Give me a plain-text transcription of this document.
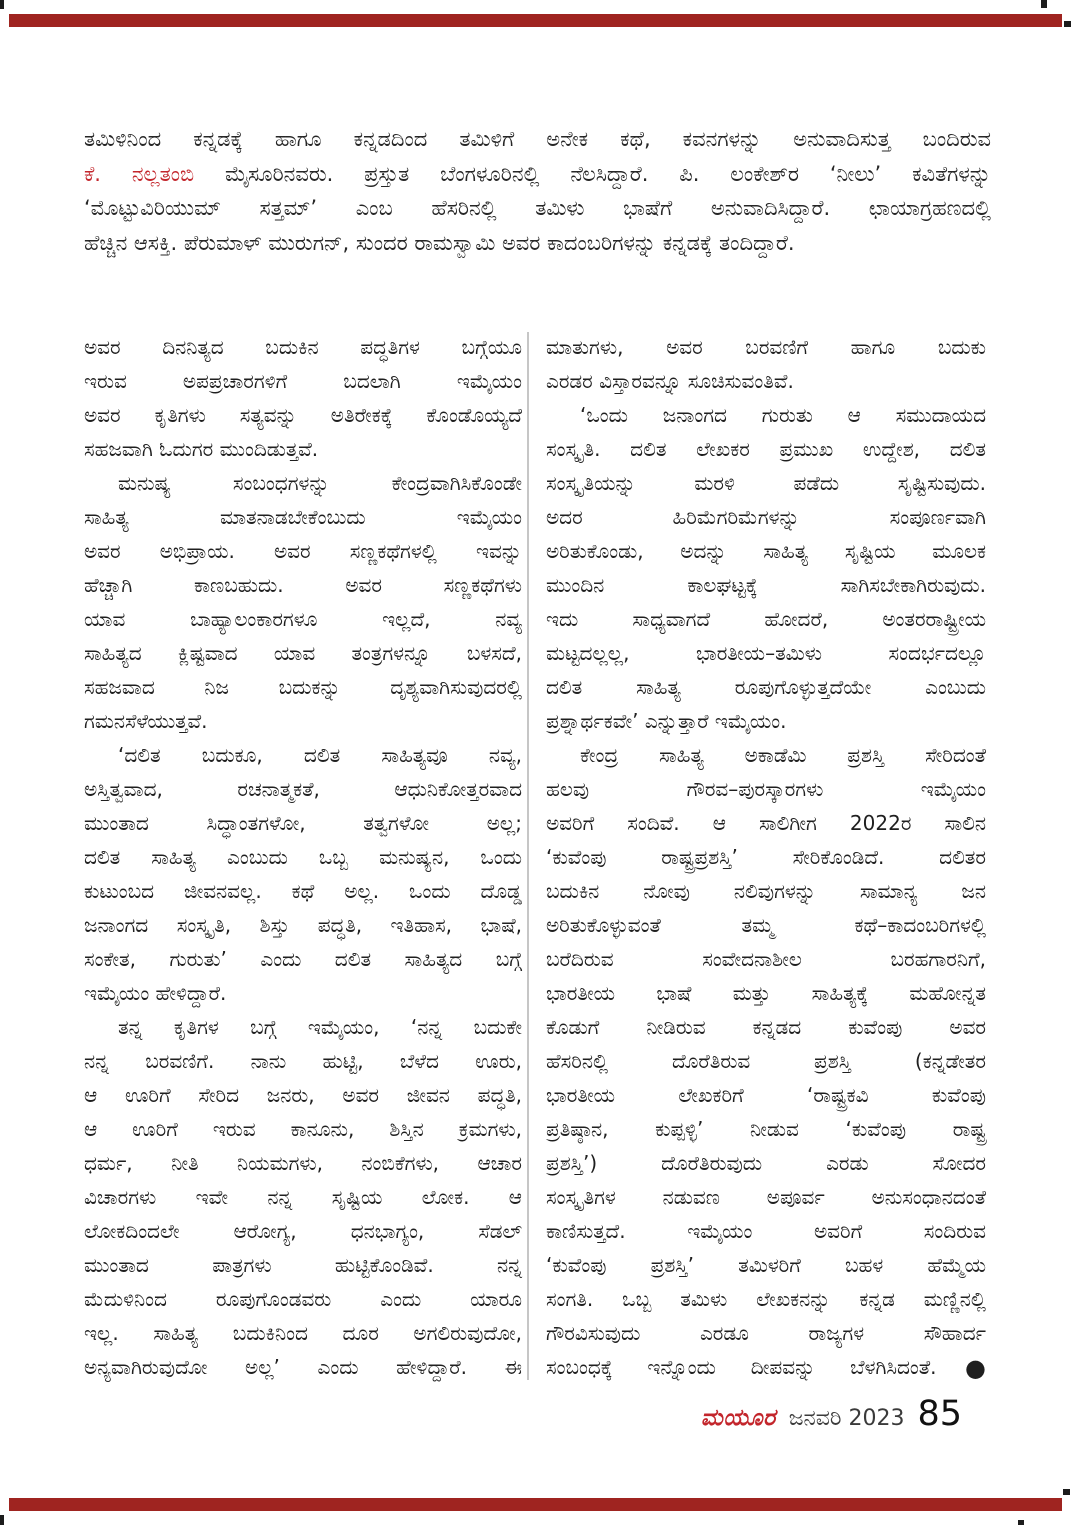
ತಮಿಳಿನಿಂದ ಕನ್ನಡಕ್ಕೆ ಹಾಗೂ ಕನ್ನಡದಿಂದ ತಮಿಳಿಗೆ ಅನೇಕ ಕಥೆ, ಕವನಗಳನ್ನು ಅನುವಾದಿಸುತ್ತ ಬಂದಿರುವ
ಕೆ. ನಲ್ಲತಂಬಿ ಮೈಸೂರಿನವರು. ಪ್ರಸ್ತುತ ಬೆಂಗಳೂರಿನಲ್ಲಿ ನೆಲಸಿದ್ದಾರೆ. ಪಿ. ಲಂಕೇಶ್‌ರ ‘ನೀಲು’ ಕವಿತೆಗಳನ್ನು
‘ಮೊಟ್ಟುವಿರಿಯುಮ್ ಸತ್ತಮ್’ ಎಂಬ ಹೆಸರಿನಲ್ಲಿ ತಮಿಳು ಭಾಷೆಗೆ ಅನುವಾದಿಸಿದ್ದಾರೆ. ಛಾಯಾಗ್ರಹಣದಲ್ಲಿ
ಹೆಚ್ಚಿನ ಆಸಕ್ತಿ. ಪೆರುಮಾಳ್ ಮುರುಗನ್, ಸುಂದರ ರಾಮಸ್ವಾಮಿ ಅವರ ಕಾದಂಬರಿಗಳನ್ನು ಕನ್ನಡಕ್ಕೆ ತಂದಿದ್ದಾರೆ.
ಅವರ ದಿನನಿತ್ಯದ ಬದುಕಿನ ಪದ್ಧತಿಗಳ ಬಗ್ಗೆಯೂ
ಇರುವ ಅಪಪ್ರಚಾರಗಳಿಗೆ ಬದಲಾಗಿ ಇಮೈಯಂ
ಅವರ ಕೃತಿಗಳು ಸತ್ಯವನ್ನು ಅತಿರೇಕಕ್ಕೆ ಕೊಂಡೊಯ್ಯದೆ
ಸಹಜವಾಗಿ ಓದುಗರ ಮುಂದಿಡುತ್ತವೆ.
ಮನುಷ್ಯ ಸಂಬಂಧಗಳನ್ನು ಕೇಂದ್ರವಾಗಿಸಿಕೊಂಡೇ
ಸಾಹಿತ್ಯ ಮಾತನಾಡಬೇಕೆಂಬುದು ಇಮೈಯಂ
ಅವರ ಅಭಿಪ್ರಾಯ. ಅವರ ಸಣ್ಣಕಥೆಗಳಲ್ಲಿ ಇವನ್ನು
ಹೆಚ್ಚಾಗಿ ಕಾಣಬಹುದು. ಅವರ ಸಣ್ಣಕಥೆಗಳು
ಯಾವ ಬಾಹ್ಯಾಲಂಕಾರಗಳೂ ಇಲ್ಲದೆ, ನವ್ಯ
ಸಾಹಿತ್ಯದ ಕ್ಲಿಷ್ಟವಾದ ಯಾವ ತಂತ್ರಗಳನ್ನೂ ಬಳಸದೆ,
ಸಹಜವಾದ ನಿಜ ಬದುಕನ್ನು ದೃಶ್ಯವಾಗಿಸುವುದರಲ್ಲಿ
ಗಮನಸೆಳೆಯುತ್ತವೆ.
‘ದಲಿತ ಬದುಕೂ, ದಲಿತ ಸಾಹಿತ್ಯವೂ ನವ್ಯ,
ಅಸ್ತಿತ್ವವಾದ, ರಚನಾತ್ಮಕತೆ, ಆಧುನಿಕೋತ್ತರವಾದ
ಮುಂತಾದ ಸಿದ್ಧಾಂತಗಳೋ, ತತ್ವಗಳೋ ಅಲ್ಲ;
ದಲಿತ ಸಾಹಿತ್ಯ ಎಂಬುದು ಒಬ್ಬ ಮನುಷ್ಯನ, ಒಂದು
ಕುಟುಂಬದ ಜೀವನವಲ್ಲ. ಕಥೆ ಅಲ್ಲ. ಒಂದು ದೊಡ್ಡ
ಜನಾಂಗದ ಸಂಸ್ಕೃತಿ, ಶಿಸ್ತು ಪದ್ಧತಿ, ಇತಿಹಾಸ, ಭಾಷೆ,
ಸಂಕೇತ, ಗುರುತು’ ಎಂದು ದಲಿತ ಸಾಹಿತ್ಯದ ಬಗ್ಗೆ
ಇಮೈಯಂ ಹೇಳಿದ್ದಾರೆ.
ತನ್ನ ಕೃತಿಗಳ ಬಗ್ಗೆ ಇಮೈಯಂ, ‘ನನ್ನ ಬದುಕೇ
ನನ್ನ ಬರವಣಿಗೆ. ನಾನು ಹುಟ್ಟಿ, ಬೆಳೆದ ಊರು,
ಆ ಊರಿಗೆ ಸೇರಿದ ಜನರು, ಅವರ ಜೀವನ ಪದ್ಧತಿ,
ಆ ಊರಿಗೆ ಇರುವ ಕಾನೂನು, ಶಿಸ್ತಿನ ಕ್ರಮಗಳು,
ಧರ್ಮ, ನೀತಿ ನಿಯಮಗಳು, ನಂಬಿಕೆಗಳು, ಆಚಾರ
ವಿಚಾರಗಳು ಇವೇ ನನ್ನ ಸೃಷ್ಟಿಯ ಲೋಕ. ಆ
ಲೋಕದಿಂದಲೇ ಆರೋಗ್ಯ, ಧನಭಾಗ್ಯಂ, ಸೆಡಲ್
ಮುಂತಾದ ಪಾತ್ರಗಳು ಹುಟ್ಟಿಕೊಂಡಿವೆ. ನನ್ನ
ಮೆದುಳಿನಿಂದ ರೂಪುಗೊಂಡವರು ಎಂದು ಯಾರೂ
ಇಲ್ಲ. ಸಾಹಿತ್ಯ ಬದುಕಿನಿಂದ ದೂರ ಅಗಲಿರುವುದೋ,
ಅನ್ಯವಾಗಿರುವುದೋ ಅಲ್ಲ’ ಎಂದು ಹೇಳಿದ್ದಾರೆ. ಈ
ಮಾತುಗಳು, ಅವರ ಬರವಣಿಗೆ ಹಾಗೂ ಬದುಕು
ಎರಡರ ವಿಸ್ತಾರವನ್ನೂ ಸೂಚಿಸುವಂತಿವೆ.
‘ಒಂದು ಜನಾಂಗದ ಗುರುತು ಆ ಸಮುದಾಯದ
ಸಂಸ್ಕೃತಿ. ದಲಿತ ಲೇಖಕರ ಪ್ರಮುಖ ಉದ್ದೇಶ, ದಲಿತ
ಸಂಸ್ಕೃತಿಯನ್ನು ಮರಳಿ ಪಡೆದು ಸೃಷ್ಟಿಸುವುದು.
ಅದರ ಹಿರಿಮೆಗರಿಮೆಗಳನ್ನು ಸಂಪೂರ್ಣವಾಗಿ
ಅರಿತುಕೊಂಡು, ಅದನ್ನು ಸಾಹಿತ್ಯ ಸೃಷ್ಟಿಯ ಮೂಲಕ
ಮುಂದಿನ ಕಾಲಘಟ್ಟಕ್ಕೆ ಸಾಗಿಸಬೇಕಾಗಿರುವುದು.
ಇದು ಸಾಧ್ಯವಾಗದೆ ಹೋದರೆ, ಅಂತರರಾಷ್ಟ್ರೀಯ
ಮಟ್ಟದಲ್ಲಲ್ಲ, ಭಾರತೀಯ–ತಮಿಳು ಸಂದರ್ಭದಲ್ಲೂ
ದಲಿತ ಸಾಹಿತ್ಯ ರೂಪುಗೊಳ್ಳುತ್ತದೆಯೇ ಎಂಬುದು
ಪ್ರಶ್ನಾರ್ಥಕವೇ’ ಎನ್ನುತ್ತಾರೆ ಇಮೈಯಂ.
ಕೇಂದ್ರ ಸಾಹಿತ್ಯ ಅಕಾಡೆಮಿ ಪ್ರಶಸ್ತಿ ಸೇರಿದಂತೆ
ಹಲವು ಗೌರವ–ಪುರಸ್ಕಾರಗಳು ಇಮೈಯಂ
ಅವರಿಗೆ ಸಂದಿವೆ. ಆ ಸಾಲಿಗೀಗ 2022ರ ಸಾಲಿನ
‘ಕುವೆಂಪು ರಾಷ್ಟ್ರಪ್ರಶಸ್ತಿ’ ಸೇರಿಕೊಂಡಿದೆ. ದಲಿತರ
ಬದುಕಿನ ನೋವು ನಲಿವುಗಳನ್ನು ಸಾಮಾನ್ಯ ಜನ
ಅರಿತುಕೊಳ್ಳುವಂತೆ ತಮ್ಮ ಕಥೆ–ಕಾದಂಬರಿಗಳಲ್ಲಿ
ಬರೆದಿರುವ ಸಂವೇದನಾಶೀಲ ಬರಹಗಾರನಿಗೆ,
ಭಾರತೀಯ ಭಾಷೆ ಮತ್ತು ಸಾಹಿತ್ಯಕ್ಕೆ ಮಹೋನ್ನತ
ಕೊಡುಗೆ ನೀಡಿರುವ ಕನ್ನಡದ ಕುವೆಂಪು ಅವರ
ಹೆಸರಿನಲ್ಲಿ ದೊರೆತಿರುವ ಪ್ರಶಸ್ತಿ (ಕನ್ನಡೇತರ
ಭಾರತೀಯ ಲೇಖಕರಿಗೆ ‘ರಾಷ್ಟ್ರಕವಿ ಕುವೆಂಪು
ಪ್ರತಿಷ್ಠಾನ, ಕುಪ್ಪಳ್ಳಿ’ ನೀಡುವ ‘ಕುವೆಂಪು ರಾಷ್ಟ್ರ
ಪ್ರಶಸ್ತಿ’) ದೊರೆತಿರುವುದು ಎರಡು ಸೋದರ
ಸಂಸ್ಕೃತಿಗಳ ನಡುವಣ ಅಪೂರ್ವ ಅನುಸಂಧಾನದಂತೆ
ಕಾಣಿಸುತ್ತದೆ. ಇಮೈಯಂ ಅವರಿಗೆ ಸಂದಿರುವ
‘ಕುವೆಂಪು ಪ್ರಶಸ್ತಿ’ ತಮಿಳರಿಗೆ ಬಹಳ ಹೆಮ್ಮೆಯ
ಸಂಗತಿ. ಒಬ್ಬ ತಮಿಳು ಲೇಖಕನನ್ನು ಕನ್ನಡ ಮಣ್ಣಿನಲ್ಲಿ
ಗೌರವಿಸುವುದು ಎರಡೂ ರಾಜ್ಯಗಳ ಸೌಹಾರ್ದ
ಸಂಬಂಧಕ್ಕೆ ಇನ್ನೊಂದು ದೀಪವನ್ನು ಬೆಳಗಿಸಿದಂತೆ.●
ಮಯೂರ ಜನವರಿ 2023 85
